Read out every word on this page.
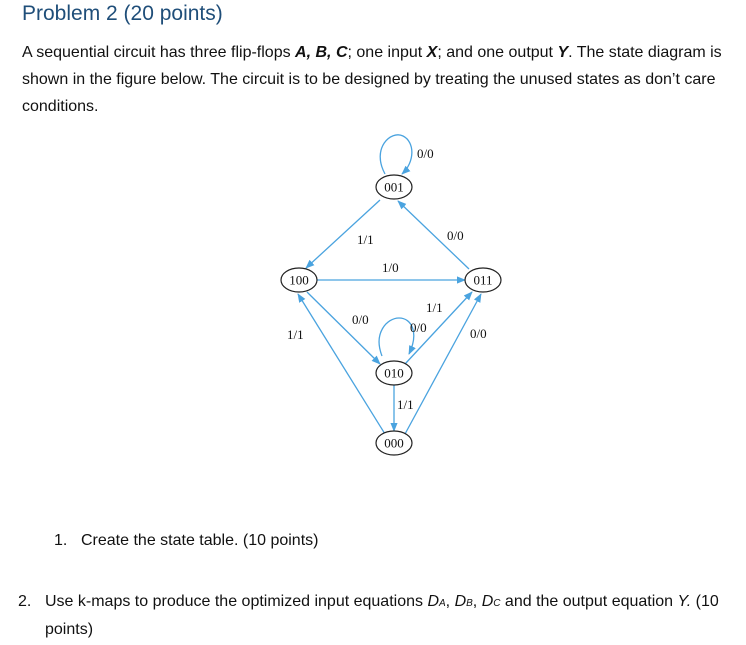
Problem 2 (20 points)
A sequential circuit has three flip-flops A, B, C; one input X; and one output Y. The state diagram is shown in the figure below. The circuit is to be designed by treating the unused states as don’t care conditions.
001
100	011
010
000
0/0
1/1	0/0
1/0
0/0
0/0
1/1
1/1
1/1	0/0
1. Create the state table. (10 points)
2. Use k-maps to produce the optimized input equations DA, DB, DC and the output equation Y. (10 points)
